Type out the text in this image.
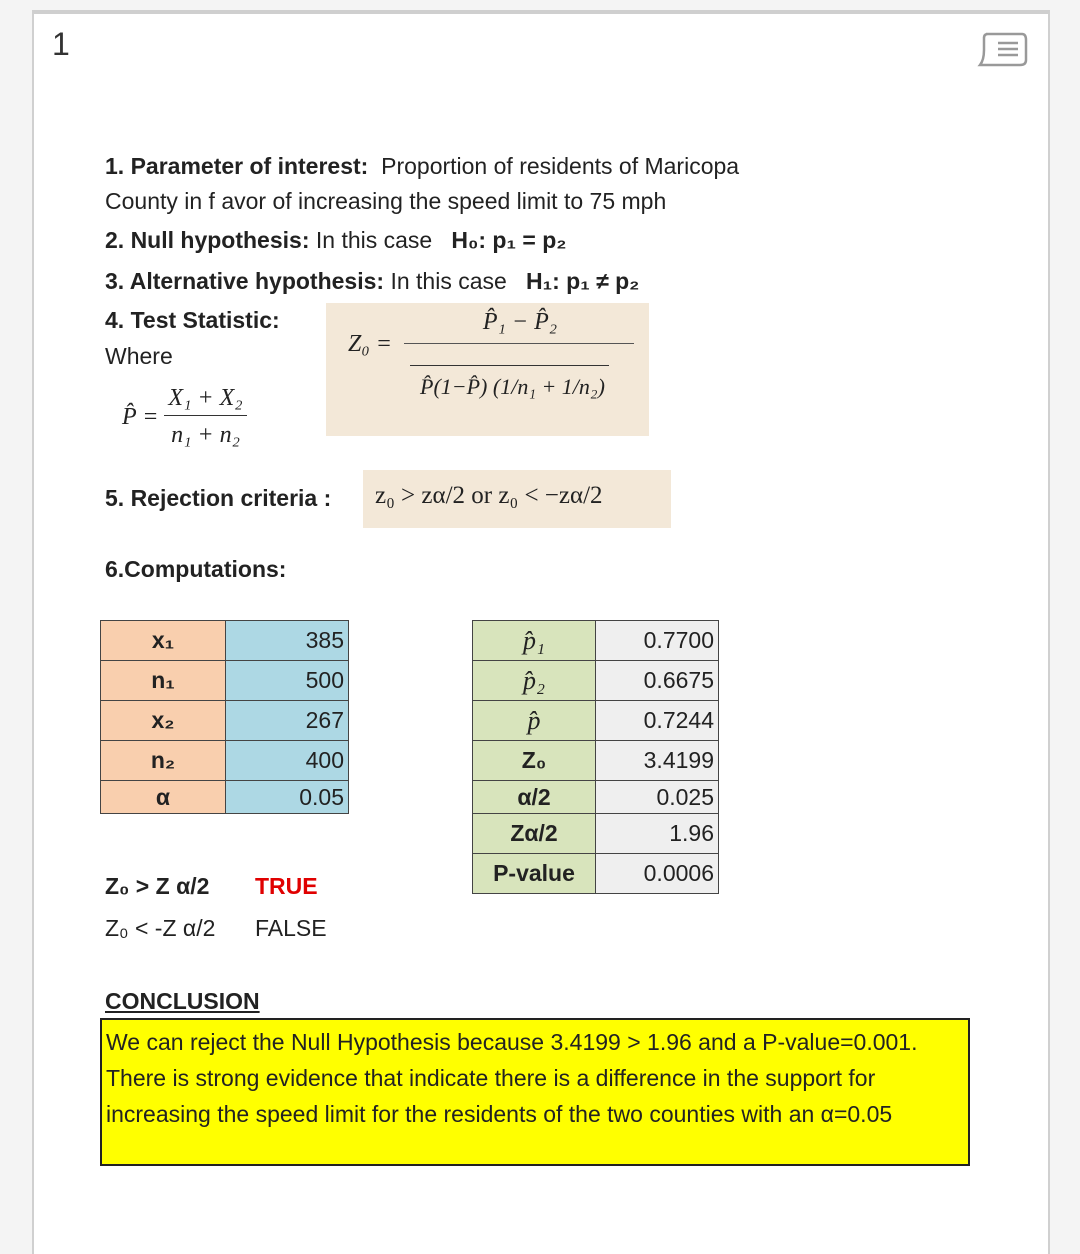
1
1. Parameter of interest: Proportion of residents of Maricopa
County in f avor of increasing the speed limit to 75 mph
2. Null hypothesis: In this case H₀: p₁ = p₂
3. Alternative hypothesis: In this case H₁: p₁ ≠ p₂
4. Test Statistic:
Where
P̂ = $\frac{\text{X₁ + X₂}}{\text{n₁ + n₂}}$
Z₀ =
P̂₁ − P̂₂
P̂(1−P̂) (1/n₁ + 1/n₂)
5. Rejection criteria : z₀ > zα/2 or z₀ < −zα/2
6.Computations:
x₁	385
n₁	500
x₂	267
n₂	400
α	0.05
p̂₁	0.7700
p̂₂	0.6675
p̂	0.7244
Z₀	3.4199
α/2	0.025
Zα/2	1.96
P-value	0.0006
Z₀ > Z α/2 TRUE
Z₀ < -Z α/2 FALSE
CONCLUSION
We can reject the Null Hypothesis because 3.4199 > 1.96 and a P-value=0.001. There is strong evidence that indicate there is a difference in the support for increasing the speed limit for the residents of the two counties with an α=0.05
